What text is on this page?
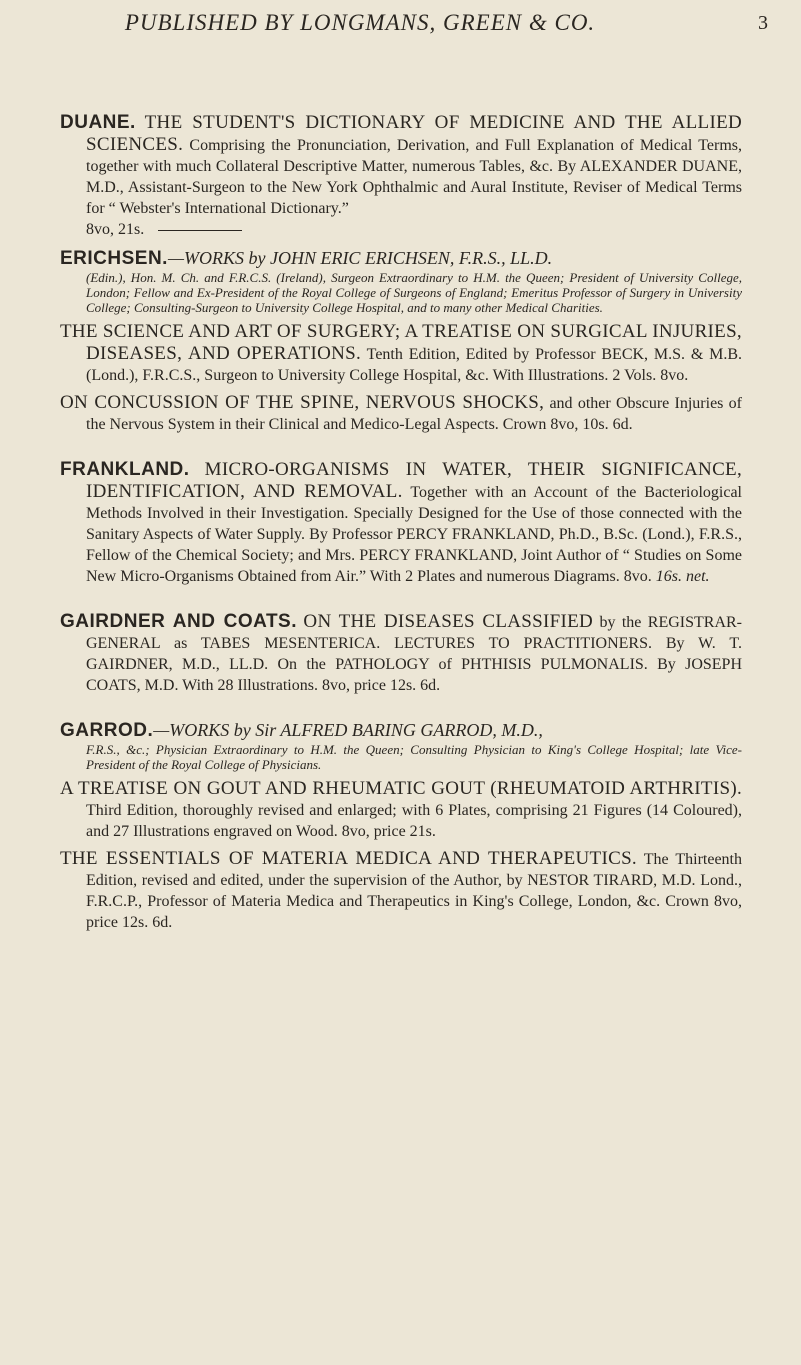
PUBLISHED BY LONGMANS, GREEN & CO.	3

DUANE. THE STUDENT'S DICTIONARY OF MEDICINE AND THE ALLIED SCIENCES. Comprising the Pronunciation, Derivation, and Full Explanation of Medical Terms, together with much Collateral Descriptive Matter, numerous Tables, &c. By ALEXANDER DUANE, M.D., Assistant-Surgeon to the New York Ophthalmic and Aural Institute, Reviser of Medical Terms for “ Webster's International Dictionary.”

8vo, 21s.

ERICHSEN.—WORKS by JOHN ERIC ERICHSEN, F.R.S., LL.D.

(Edin.), Hon. M. Ch. and F.R.C.S. (Ireland), Surgeon Extraordinary to H.M. the Queen; President of University College, London; Fellow and Ex-President of the Royal College of Surgeons of England; Emeritus Professor of Surgery in University College; Consulting-Surgeon to University College Hospital, and to many other Medical Charities.

THE SCIENCE AND ART OF SURGERY; A TREATISE ON SURGICAL INJURIES, DISEASES, AND OPERATIONS. Tenth Edition, Edited by Professor BECK, M.S. & M.B. (Lond.), F.R.C.S., Surgeon to University College Hospital, &c. With Illustrations. 2 Vols. 8vo.

ON CONCUSSION OF THE SPINE, NERVOUS SHOCKS, and other Obscure Injuries of the Nervous System in their Clinical and Medico-Legal Aspects. Crown 8vo, 10s. 6d.

FRANKLAND. MICRO-ORGANISMS IN WATER, THEIR SIGNIFICANCE, IDENTIFICATION, AND REMOVAL. Together with an Account of the Bacteriological Methods Involved in their Investigation. Specially Designed for the Use of those connected with the Sanitary Aspects of Water Supply. By Professor PERCY FRANKLAND, Ph.D., B.Sc. (Lond.), F.R.S., Fellow of the Chemical Society; and Mrs. PERCY FRANKLAND, Joint Author of “ Studies on Some New Micro-Organisms Obtained from Air.” With 2 Plates and numerous Diagrams. 8vo. 16s. net.

GAIRDNER AND COATS. ON THE DISEASES CLASSIFIED by the REGISTRAR-GENERAL as TABES MESENTERICA. LECTURES TO PRACTITIONERS. By W. T. GAIRDNER, M.D., LL.D. On the PATHOLOGY of PHTHISIS PULMONALIS. By JOSEPH COATS, M.D. With 28 Illustrations. 8vo, price 12s. 6d.

GARROD.—WORKS by Sir ALFRED BARING GARROD, M.D.,

F.R.S., &c.; Physician Extraordinary to H.M. the Queen; Consulting Physician to King's College Hospital; late Vice-President of the Royal College of Physicians.

A TREATISE ON GOUT AND RHEUMATIC GOUT (RHEUMATOID ARTHRITIS). Third Edition, thoroughly revised and enlarged; with 6 Plates, comprising 21 Figures (14 Coloured), and 27 Illustrations engraved on Wood. 8vo, price 21s.

THE ESSENTIALS OF MATERIA MEDICA AND THERAPEUTICS. The Thirteenth Edition, revised and edited, under the supervision of the Author, by NESTOR TIRARD, M.D. Lond., F.R.C.P., Professor of Materia Medica and Therapeutics in King's College, London, &c. Crown 8vo, price 12s. 6d.
